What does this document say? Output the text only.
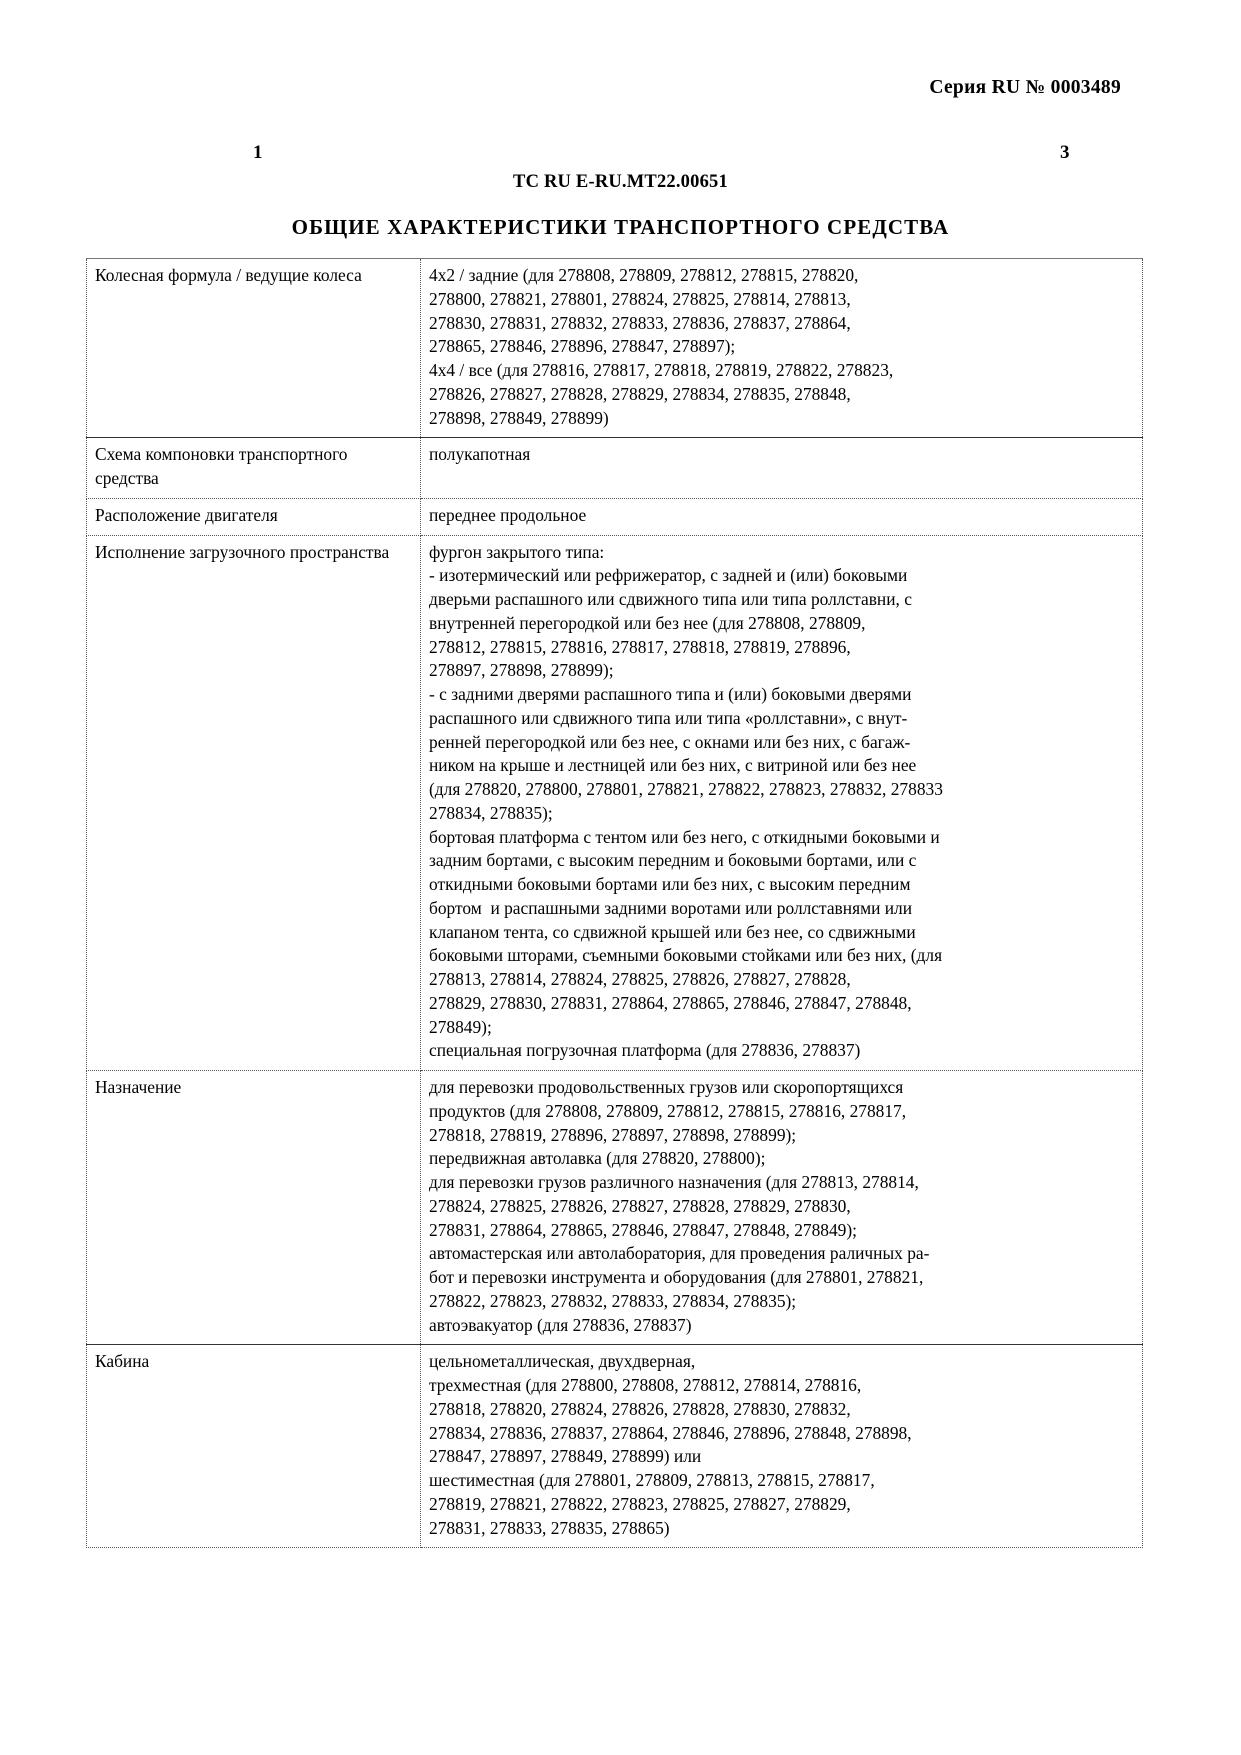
Серия RU № 0003489
1	3
ТС RU E-RU.МТ22.00651
ОБЩИЕ ХАРАКТЕРИСТИКИ ТРАНСПОРТНОГО СРЕДСТВА
Колесная формула / ведущие колеса	4х2 / задние (для 278808, 278809, 278812, 278815, 278820,
278800, 278821, 278801, 278824, 278825, 278814, 278813,
278830, 278831, 278832, 278833, 278836, 278837, 278864,
278865, 278846, 278896, 278847, 278897);
4х4 / все (для 278816, 278817, 278818, 278819, 278822, 278823,
278826, 278827, 278828, 278829, 278834, 278835, 278848,
278898, 278849, 278899)

Схема компоновки транспортного средства	полукапотная

Расположение двигателя	переднее продольное

Исполнение загрузочного пространства	фургон закрытого типа:
- изотермический или рефрижератор, с задней и (или) боковыми
дверьми распашного или сдвижного типа или типа роллставни, с
внутренней перегородкой или без нее (для 278808, 278809,
278812, 278815, 278816, 278817, 278818, 278819, 278896,
278897, 278898, 278899);
- с задними дверями распашного типа и (или) боковыми дверями
распашного или сдвижного типа или типа «роллставни», с внут-
ренней перегородкой или без нее, с окнами или без них, с багаж-
ником на крыше и лестницей или без них, с витриной или без нее
(для 278820, 278800, 278801, 278821, 278822, 278823, 278832, 278833
278834, 278835);
бортовая платформа с тентом или без него, с откидными боковыми и
задним бортами, с высоким передним и боковыми бортами, или с
откидными боковыми бортами или без них, с высоким передним
бортом  и распашными задними воротами или роллставнями или
клапаном тента, со сдвижной крышей или без нее, со сдвижными
боковыми шторами, съемными боковыми стойками или без них, (для
278813, 278814, 278824, 278825, 278826, 278827, 278828,
278829, 278830, 278831, 278864, 278865, 278846, 278847, 278848,
278849);
специальная погрузочная платформа (для 278836, 278837)

Назначение	для перевозки продовольственных грузов или скоропортящихся
продуктов (для 278808, 278809, 278812, 278815, 278816, 278817,
278818, 278819, 278896, 278897, 278898, 278899);
передвижная автолавка (для 278820, 278800);
для перевозки грузов различного назначения (для 278813, 278814,
278824, 278825, 278826, 278827, 278828, 278829, 278830,
278831, 278864, 278865, 278846, 278847, 278848, 278849);
автомастерская или автолаборатория, для проведения раличных ра-
бот и перевозки инструмента и оборудования (для 278801, 278821,
278822, 278823, 278832, 278833, 278834, 278835);
автоэвакуатор (для 278836, 278837)

Кабина	цельнометаллическая, двухдверная,
трехместная (для 278800, 278808, 278812, 278814, 278816,
278818, 278820, 278824, 278826, 278828, 278830, 278832,
278834, 278836, 278837, 278864, 278846, 278896, 278848, 278898,
278847, 278897, 278849, 278899) или
шестиместная (для 278801, 278809, 278813, 278815, 278817,
278819, 278821, 278822, 278823, 278825, 278827, 278829,
278831, 278833, 278835, 278865)
